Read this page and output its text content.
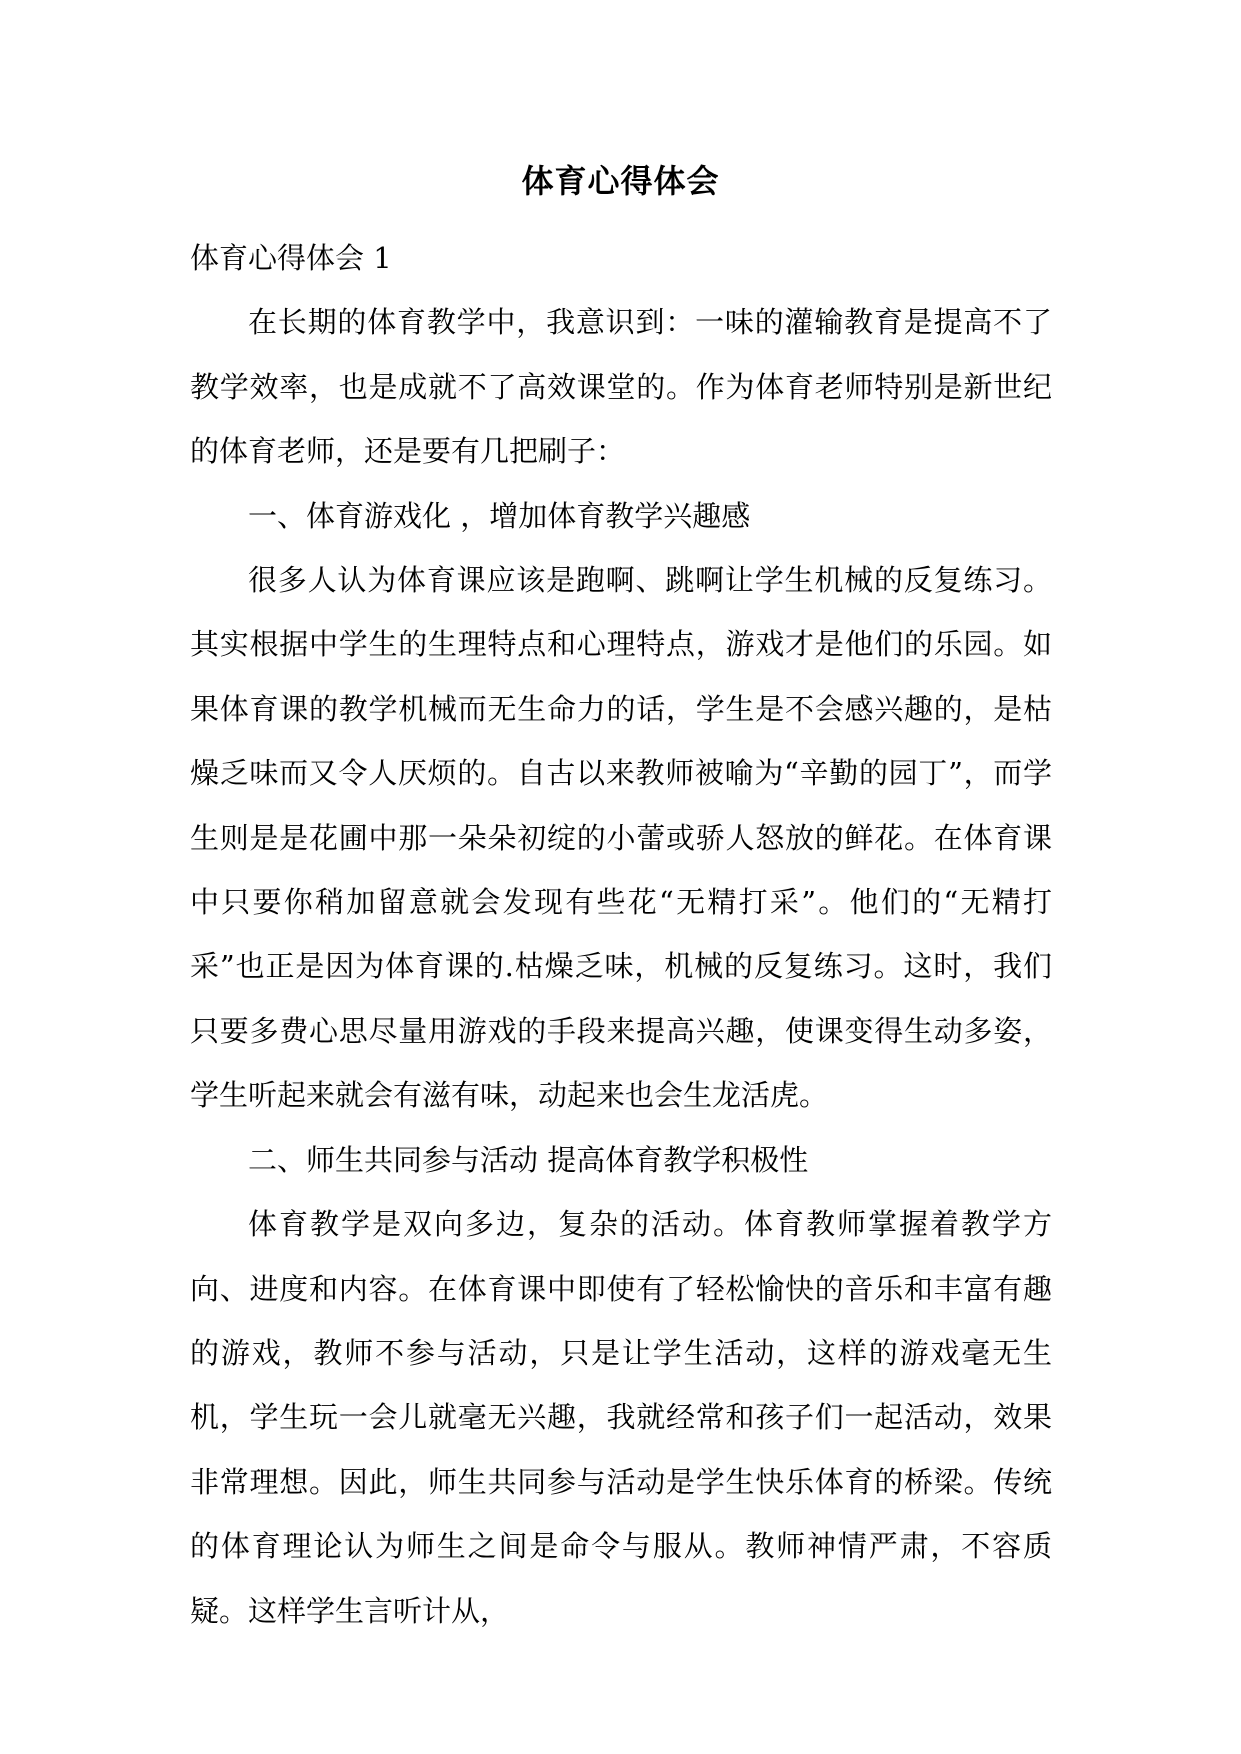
体育心得体会

体育心得体会 1

在长期的体育教学中，我意识到：一味的灌输教育是提高不了教学效率，也是成就不了高效课堂的。作为体育老师特别是新世纪的体育老师，还是要有几把刷子：

一、体育游戏化 ，增加体育教学兴趣感

很多人认为体育课应该是跑啊、跳啊让学生机械的反复练习。其实根据中学生的生理特点和心理特点，游戏才是他们的乐园。如果体育课的教学机械而无生命力的话，学生是不会感兴趣的，是枯燥乏味而又令人厌烦的。自古以来教师被喻为“辛勤的园丁”，而学生则是是花圃中那一朵朵初绽的小蕾或骄人怒放的鲜花。在体育课中只要你稍加留意就会发现有些花“无精打采”。他们的“无精打采”也正是因为体育课的.枯燥乏味，机械的反复练习。这时，我们只要多费心思尽量用游戏的手段来提高兴趣，使课变得生动多姿，学生听起来就会有滋有味，动起来也会生龙活虎。

二、师生共同参与活动 提高体育教学积极性

体育教学是双向多边，复杂的活动。体育教师掌握着教学方向、进度和内容。在体育课中即使有了轻松愉快的音乐和丰富有趣的游戏，教师不参与活动，只是让学生活动，这样的游戏毫无生机，学生玩一会儿就毫无兴趣，我就经常和孩子们一起活动，效果非常理想。因此，师生共同参与活动是学生快乐体育的桥梁。传统的体育理论认为师生之间是命令与服从。教师神情严肃，不容质疑。这样学生言听计从，
